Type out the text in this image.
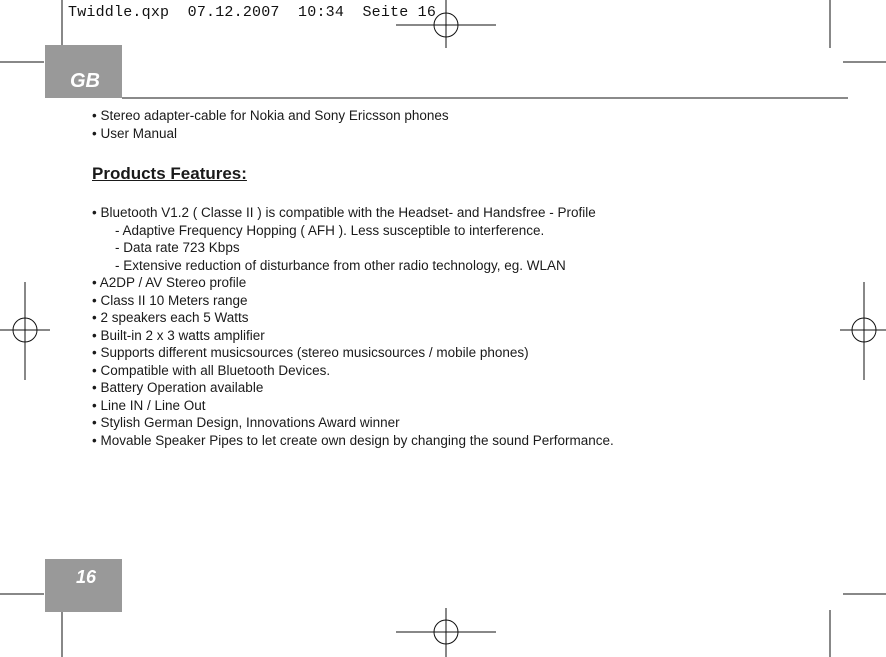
Twiddle.qxp  07.12.2007  10:34  Seite 16
GB
• Stereo adapter-cable for Nokia and Sony Ericsson phones
• User Manual
Products Features:
• Bluetooth V1.2 ( Classe II ) is compatible with the Headset- and Handsfree - Profile
- Adaptive Frequency Hopping ( AFH ). Less susceptible to interference.
- Data rate 723 Kbps
- Extensive reduction of disturbance from other radio technology, eg. WLAN
• A2DP / AV Stereo profile
• Class II 10 Meters range
• 2 speakers each 5 Watts
• Built-in 2 x 3 watts amplifier
• Supports different musicsources (stereo musicsources / mobile phones)
• Compatible with all Bluetooth Devices.
• Battery Operation available
• Line IN / Line Out
• Stylish German Design, Innovations Award winner
• Movable Speaker Pipes to let create own design by changing the sound Performance.
16
